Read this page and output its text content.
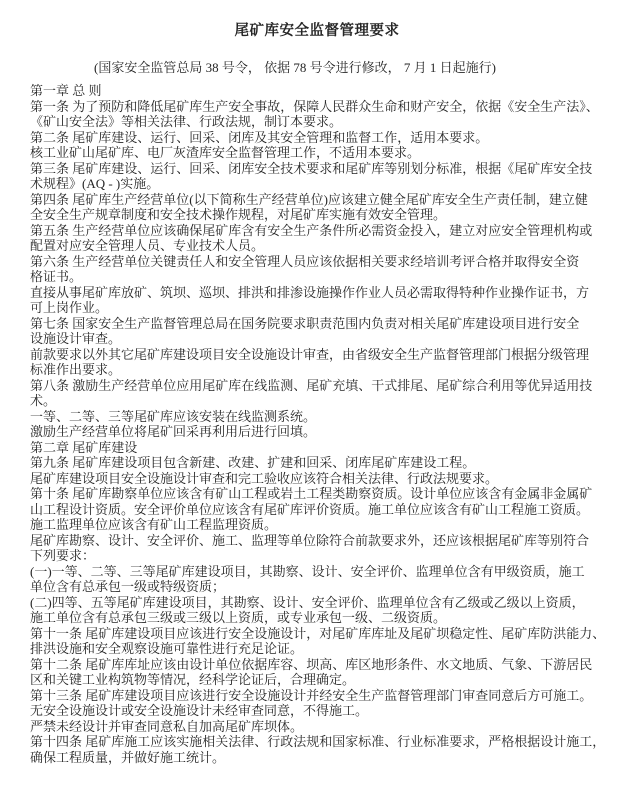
尾矿库安全监督管理要求
(国家安全监管总局 38 号令， 依据 78 号令进行修改， 7 月 1 日起施行)
第一章 总 则
第一条 为了预防和降低尾矿库生产安全事故，保障人民群众生命和财产安全，依据《安全生产法》、
《矿山安全法》等相关法律、行政法规，制订本要求。
第二条 尾矿库建设、运行、回采、闭库及其安全管理和监督工作，适用本要求。
核工业矿山尾矿库、电厂灰渣库安全监督管理工作，不适用本要求。
第三条 尾矿库建设、运行、回采、闭库安全技术要求和尾矿库等别划分标准，根据《尾矿库安全技
术规程》(AQ - )实施。
第四条 尾矿库生产经营单位(以下简称生产经营单位)应该建立健全尾矿库安全生产责任制，建立健
全安全生产规章制度和安全技术操作规程，对尾矿库实施有效安全管理。
第五条 生产经营单位应该确保尾矿库含有安全生产条件所必需资金投入，建立对应安全管理机构或
配置对应安全管理人员、专业技术人员。
第六条 生产经营单位关键责任人和安全管理人员应该依据相关要求经培训考评合格并取得安全资
格证书。
直接从事尾矿库放矿、筑坝、巡坝、排洪和排渗设施操作作业人员必需取得特种作业操作证书，方
可上岗作业。
第七条 国家安全生产监督管理总局在国务院要求职责范围内负责对相关尾矿库建设项目进行安全
设施设计审查。
前款要求以外其它尾矿库建设项目安全设施设计审查，由省级安全生产监督管理部门根据分级管理
标准作出要求。
第八条 激励生产经营单位应用尾矿库在线监测、尾矿充填、干式排尾、尾矿综合利用等优异适用技
术。
一等、二等、三等尾矿库应该安装在线监测系统。
激励生产经营单位将尾矿回采再利用后进行回填。
第二章 尾矿库建设
第九条 尾矿库建设项目包含新建、改建、扩建和回采、闭库尾矿库建设工程。
尾矿库建设项目安全设施设计审查和完工验收应该符合相关法律、行政法规要求。
第十条 尾矿库勘察单位应该含有矿山工程或岩土工程类勘察资质。设计单位应该含有金属非金属矿
山工程设计资质。安全评价单位应该含有尾矿库评价资质。施工单位应该含有矿山工程施工资质。
施工监理单位应该含有矿山工程监理资质。
尾矿库勘察、设计、安全评价、施工、监理等单位除符合前款要求外，还应该根据尾矿库等别符合
下列要求：
(一)一等、二等、三等尾矿库建设项目，其勘察、设计、安全评价、监理单位含有甲级资质，施工
单位含有总承包一级或特级资质；
(二)四等、五等尾矿库建设项目，其勘察、设计、安全评价、监理单位含有乙级或乙级以上资质，
施工单位含有总承包三级或三级以上资质，或专业承包一级、二级资质。
第十一条 尾矿库建设项目应该进行安全设施设计，对尾矿库库址及尾矿坝稳定性、尾矿库防洪能力、
排洪设施和安全观察设施可靠性进行充足论证。
第十二条 尾矿库库址应该由设计单位依据库容、坝高、库区地形条件、水文地质、气象、下游居民
区和关键工业构筑物等情况，经科学论证后，合理确定。
第十三条 尾矿库建设项目应该进行安全设施设计并经安全生产监督管理部门审查同意后方可施工。
无安全设施设计或安全设施设计未经审查同意，不得施工。
严禁未经设计并审查同意私自加高尾矿库坝体。
第十四条 尾矿库施工应该实施相关法律、行政法规和国家标准、行业标准要求，严格根据设计施工，
确保工程质量，并做好施工统计。
